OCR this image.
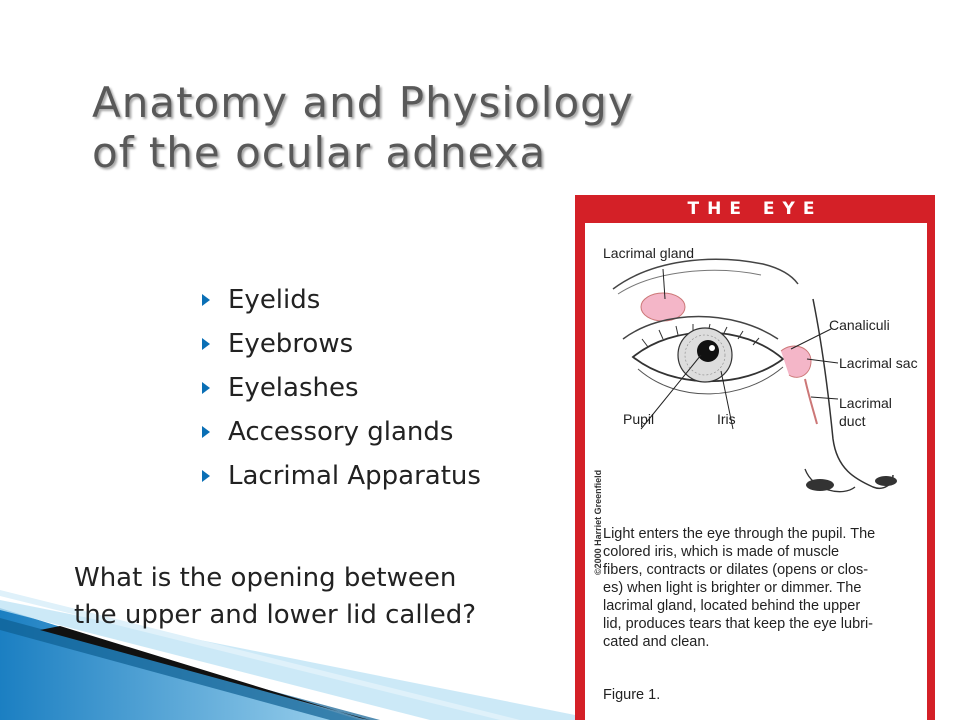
Anatomy and Physiology
of the ocular adnexa
Eyelids
Eyebrows
Eyelashes
Accessory glands
Lacrimal Apparatus
What is the opening between
the upper and lower lid called?
THE EYE
©2000 Harriet Greenfield
Lacrimal gland
Canaliculi
Lacrimal sac
Lacrimal
duct
Pupil	Iris

Light enters the eye through the pupil. The
colored iris, which is made of muscle
fibers, contracts or dilates (opens or clos-
es) when light is brighter or dimmer. The
lacrimal gland, located behind the upper
lid, produces tears that keep the eye lubri-
cated and clean.

Figure 1.
